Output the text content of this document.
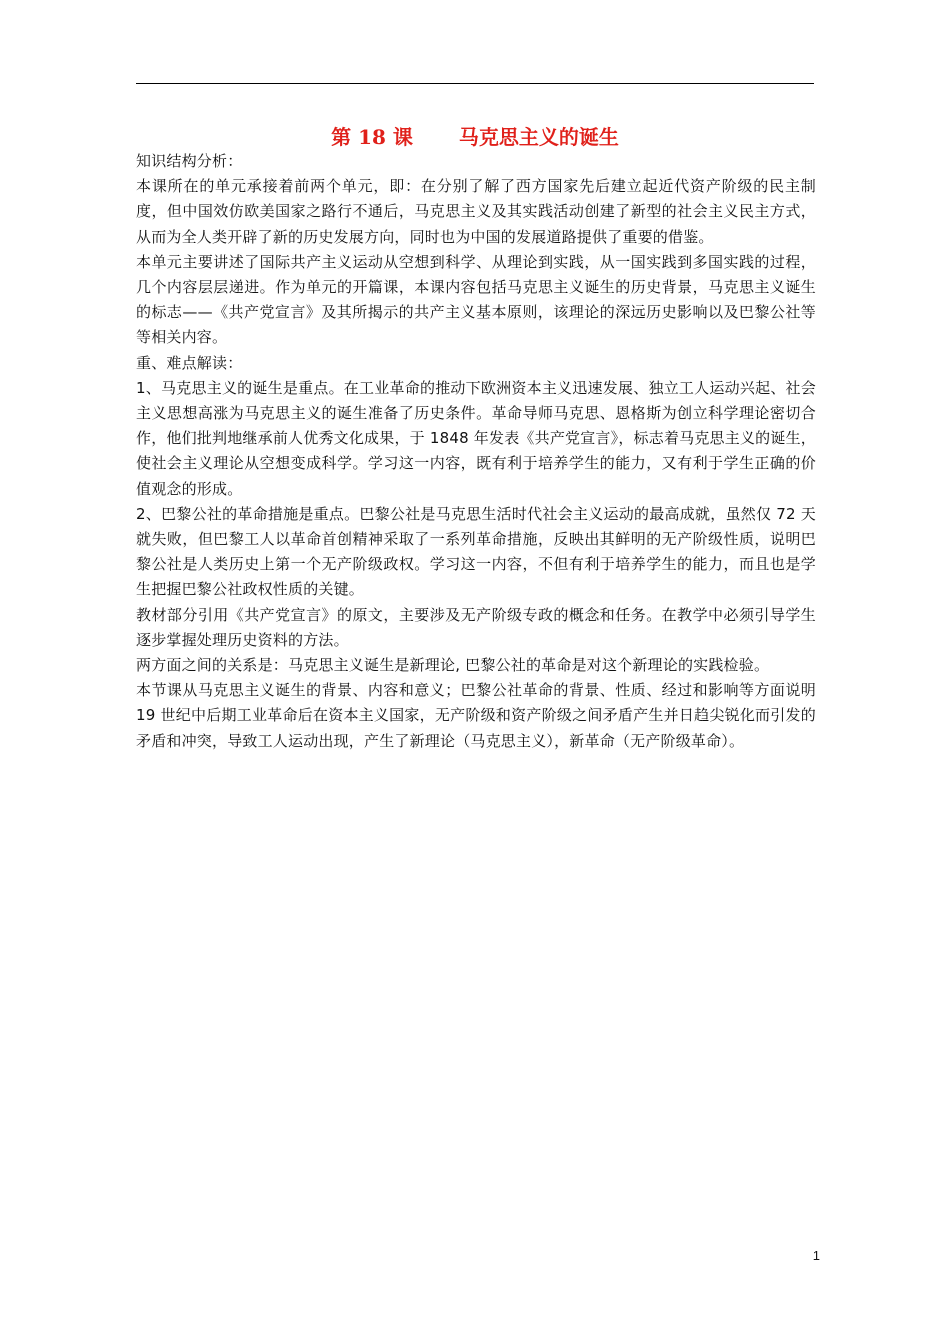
第 18 课 马克思主义的诞生

知识结构分析：

本课所在的单元承接着前两个单元，即：在分别了解了西方国家先后建立起近代资产阶级的民主制度，但中国效仿欧美国家之路行不通后，马克思主义及其实践活动创建了新型的社会主义民主方式，从而为全人类开辟了新的历史发展方向，同时也为中国的发展道路提供了重要的借鉴。

本单元主要讲述了国际共产主义运动从空想到科学、从理论到实践，从一国实践到多国实践的过程，几个内容层层递进。作为单元的开篇课，本课内容包括马克思主义诞生的历史背景，马克思主义诞生的标志——《共产党宣言》及其所揭示的共产主义基本原则，该理论的深远历史影响以及巴黎公社等等相关内容。

重、难点解读：

1、马克思主义的诞生是重点。在工业革命的推动下欧洲资本主义迅速发展、独立工人运动兴起、社会主义思想高涨为马克思主义的诞生准备了历史条件。革命导师马克思、恩格斯为创立科学理论密切合作，他们批判地继承前人优秀文化成果，于 1848 年发表《共产党宣言》，标志着马克思主义的诞生，使社会主义理论从空想变成科学。学习这一内容，既有利于培养学生的能力，又有利于学生正确的价值观念的形成。

2、巴黎公社的革命措施是重点。巴黎公社是马克思生活时代社会主义运动的最高成就，虽然仅 72 天就失败，但巴黎工人以革命首创精神采取了一系列革命措施，反映出其鲜明的无产阶级性质，说明巴黎公社是人类历史上第一个无产阶级政权。学习这一内容，不但有利于培养学生的能力，而且也是学生把握巴黎公社政权性质的关键。

教材部分引用《共产党宣言》的原文，主要涉及无产阶级专政的概念和任务。在教学中必须引导学生逐步掌握处理历史资料的方法。

两方面之间的关系是：马克思主义诞生是新理论, 巴黎公社的革命是对这个新理论的实践检验。

本节课从马克思主义诞生的背景、内容和意义；巴黎公社革命的背景、性质、经过和影响等方面说明 19 世纪中后期工业革命后在资本主义国家，无产阶级和资产阶级之间矛盾产生并日趋尖锐化而引发的矛盾和冲突，导致工人运动出现，产生了新理论（马克思主义），新革命（无产阶级革命）。

1
